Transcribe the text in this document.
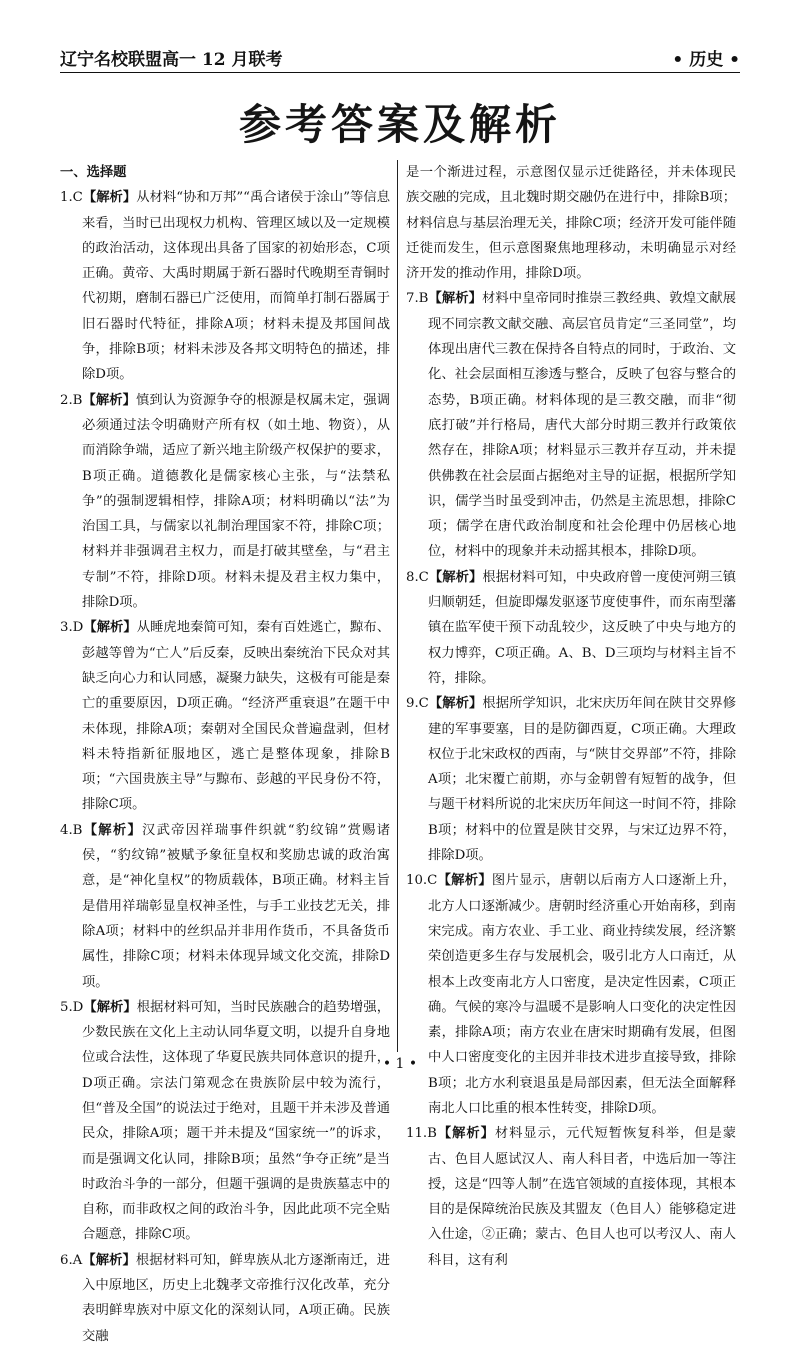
辽宁名校联盟高一 12 月联考	• 历史 •
参考答案及解析
一、选择题

1.C【解析】从材料“协和万邦”“禹合诸侯于涂山”等信息来看，当时已出现权力机构、管理区域以及一定规模的政治活动，这体现出具备了国家的初始形态，C项正确。黄帝、大禹时期属于新石器时代晚期至青铜时代初期，磨制石器已广泛使用，而简单打制石器属于旧石器时代特征，排除A项；材料未提及邦国间战争，排除B项；材料未涉及各邦文明特色的描述，排除D项。

2.B【解析】慎到认为资源争夺的根源是权属未定，强调必须通过法令明确财产所有权（如土地、物资），从而消除争端，适应了新兴地主阶级产权保护的要求，B项正确。道德教化是儒家核心主张，与“法禁私争”的强制逻辑相悖，排除A项；材料明确以“法”为治国工具，与儒家以礼制治理国家不符，排除C项；材料并非强调君主权力，而是打破其壁垒，与“君主专制”不符，排除D项。材料未提及君主权力集中，排除D项。

3.D【解析】从睡虎地秦简可知，秦有百姓逃亡，黥布、彭越等曾为“亡人”后反秦，反映出秦统治下民众对其缺乏向心力和认同感，凝聚力缺失，这极有可能是秦亡的重要原因，D项正确。“经济严重衰退”在题干中未体现，排除A项；秦朝对全国民众普遍盘剥，但材料未特指新征服地区，逃亡是整体现象，排除B项；“六国贵族主导”与黥布、彭越的平民身份不符，排除C项。

4.B【解析】汉武帝因祥瑞事件织就“豹纹锦”赏赐诸侯，“豹纹锦”被赋予象征皇权和奖励忠诚的政治寓意，是“神化皇权”的物质载体，B项正确。材料主旨是借用祥瑞彰显皇权神圣性，与手工业技艺无关，排除A项；材料中的丝织品并非用作货币，不具备货币属性，排除C项；材料未体现异域文化交流，排除D项。

5.D【解析】根据材料可知，当时民族融合的趋势增强，少数民族在文化上主动认同华夏文明，以提升自身地位或合法性，这体现了华夏民族共同体意识的提升，D项正确。宗法门第观念在贵族阶层中较为流行，但“普及全国”的说法过于绝对，且题干并未涉及普通民众，排除A项；题干并未提及“国家统一”的诉求，而是强调文化认同，排除B项；虽然“争夺正统”是当时政治斗争的一部分，但题干强调的是贵族墓志中的自称，而非政权之间的政治斗争，因此此项不完全贴合题意，排除C项。

6.A【解析】根据材料可知，鲜卑族从北方逐渐南迁，进入中原地区，历史上北魏孝文帝推行汉化改革，充分表明鲜卑族对中原文化的深刻认同，A项正确。民族交融

是一个渐进过程，示意图仅显示迁徙路径，并未体现民族交融的完成，且北魏时期交融仍在进行中，排除B项；材料信息与基层治理无关，排除C项；经济开发可能伴随迁徙而发生，但示意图聚焦地理移动，未明确显示对经济开发的推动作用，排除D项。

7.B【解析】材料中皇帝同时推崇三教经典、敦煌文献展现不同宗教文献交融、高层官员肯定“三圣同堂”，均体现出唐代三教在保持各自特点的同时，于政治、文化、社会层面相互渗透与整合，反映了包容与整合的态势，B项正确。材料体现的是三教交融，而非“彻底打破”并行格局，唐代大部分时期三教并行政策依然存在，排除A项；材料显示三教并存互动，并未提供佛教在社会层面占据绝对主导的证据，根据所学知识，儒学当时虽受到冲击，仍然是主流思想，排除C项；儒学在唐代政治制度和社会伦理中仍居核心地位，材料中的现象并未动摇其根本，排除D项。

8.C【解析】根据材料可知，中央政府曾一度使河朔三镇归顺朝廷，但旋即爆发驱逐节度使事件，而东南型藩镇在监军使干预下动乱较少，这反映了中央与地方的权力博弈，C项正确。A、B、D三项均与材料主旨不符，排除。

9.C【解析】根据所学知识，北宋庆历年间在陕甘交界修建的军事要塞，目的是防御西夏，C项正确。大理政权位于北宋政权的西南，与“陕甘交界部”不符，排除A项；北宋覆亡前期，亦与金朝曾有短暂的战争，但与题干材料所说的北宋庆历年间这一时间不符，排除B项；材料中的位置是陕甘交界，与宋辽边界不符，排除D项。

10.C【解析】图片显示，唐朝以后南方人口逐渐上升，北方人口逐渐减少。唐朝时经济重心开始南移，到南宋完成。南方农业、手工业、商业持续发展，经济繁荣创造更多生存与发展机会，吸引北方人口南迁，从根本上改变南北方人口密度，是决定性因素，C项正确。气候的寒冷与温暖不是影响人口变化的决定性因素，排除A项；南方农业在唐宋时期确有发展，但图中人口密度变化的主因并非技术进步直接导致，排除B项；北方水利衰退虽是局部因素，但无法全面解释南北人口比重的根本性转变，排除D项。

11.B【解析】材料显示，元代短暂恢复科举，但是蒙古、色目人愿试汉人、南人科目者，中选后加一等注授，这是“四等人制”在选官领域的直接体现，其根本目的是保障统治民族及其盟友（色目人）能够稳定进入仕途，②正确；蒙古、色目人也可以考汉人、南人科目，这有利

• 1 •
